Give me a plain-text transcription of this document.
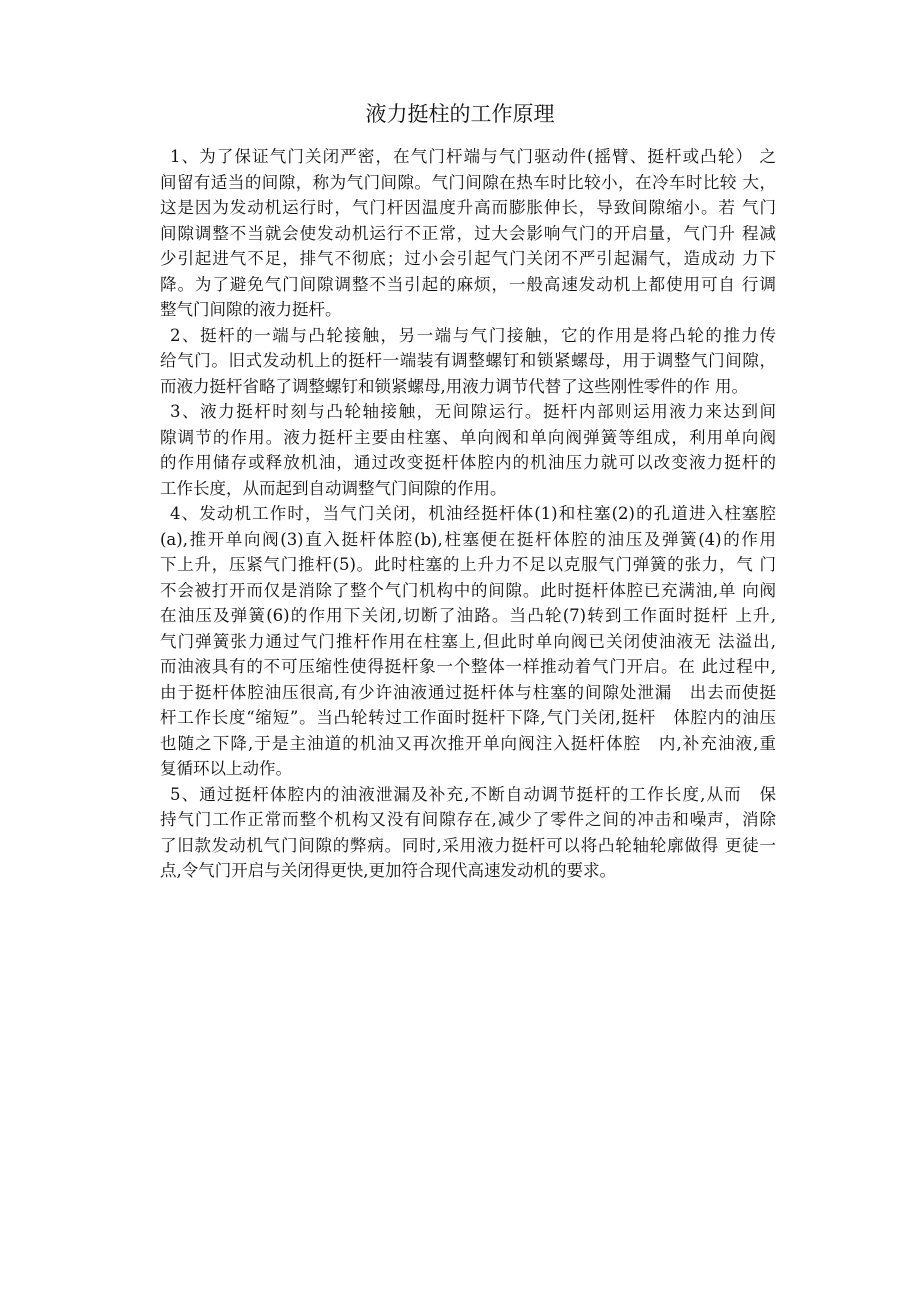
液力挺柱的工作原理
1、为了保证气门关闭严密，在气门杆端与气门驱动件(摇臂、挺杆或凸轮） 之
间留有适当的间隙，称为气门间隙。气门间隙在热车时比较小，在冷车时比较 大，
这是因为发动机运行时，气门杆因温度升高而膨胀伸长，导致间隙缩小。若 气门
间隙调整不当就会使发动机运行不正常，过大会影响气门的开启量，气门升 程减
少引起进气不足，排气不彻底；过小会引起气门关闭不严引起漏气，造成动 力下
降。为了避免气门间隙调整不当引起的麻烦，一般高速发动机上都使用可自 行调
整气门间隙的液力挺杆。
2、挺杆的一端与凸轮接触，另一端与气门接触，它的作用是将凸轮的推力传
给气门。旧式发动机上的挺杆一端装有调整螺钉和锁紧螺母，用于调整气门间隙，
而液力挺杆省略了调整螺钉和锁紧螺母,用液力调节代替了这些刚性零件的作 用。
3、液力挺杆时刻与凸轮轴接触，无间隙运行。挺杆内部则运用液力来达到间
隙调节的作用。液力挺杆主要由柱塞、单向阀和单向阀弹簧等组成，利用单向阀
的作用储存或释放机油，通过改变挺杆体腔内的机油压力就可以改变液力挺杆的
工作长度，从而起到自动调整气门间隙的作用。
4、发动机工作时，当气门关闭，机油经挺杆体(1)和柱塞(2)的孔道进入柱塞腔
(a),推开单向阀(3)直入挺杆体腔(b),柱塞便在挺杆体腔的油压及弹簧(4)的作用
下上升，压紧气门推杆(5)。此时柱塞的上升力不足以克服气门弹簧的张力，气 门
不会被打开而仅是消除了整个气门机构中的间隙。此时挺杆体腔已充满油,单 向阀
在油压及弹簧(6)的作用下关闭,切断了油路。当凸轮(7)转到工作面时挺杆 上升,
气门弹簧张力通过气门推杆作用在柱塞上,但此时单向阀已关闭使油液无 法溢出,
而油液具有的不可压缩性使得挺杆象一个整体一样推动着气门开启。在 此过程中,
由于挺杆体腔油压很高,有少许油液通过挺杆体与柱塞的间隙处泄漏　出去而使挺
杆工作长度“缩短”。当凸轮转过工作面时挺杆下降,气门关闭,挺杆　体腔内的油压
也随之下降,于是主油道的机油又再次推开单向阀注入挺杆体腔　内,补充油液,重
复循环以上动作。
5、通过挺杆体腔内的油液泄漏及补充,不断自动调节挺杆的工作长度,从而　保
持气门工作正常而整个机构又没有间隙存在,减少了零件之间的冲击和噪声，消除
了旧款发动机气门间隙的弊病。同时,采用液力挺杆可以将凸轮轴轮廓做得 更徒一
点,令气门开启与关闭得更快,更加符合现代高速发动机的要求。
